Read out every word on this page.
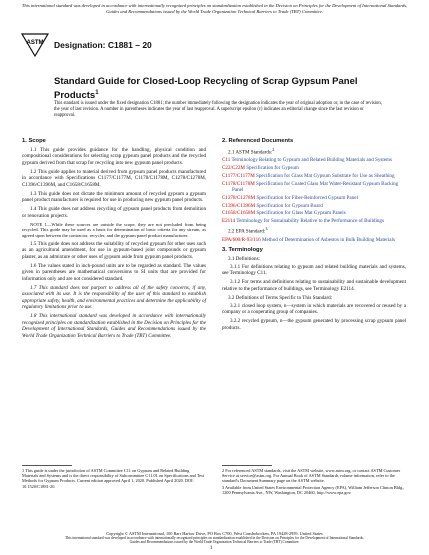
This international standard was developed in accordance with internationally recognized principles on standardization established in the Decision on Principles for the Development of International Standards, Guides and Recommendations issued by the World Trade Organization Technical Barriers to Trade (TBT) Committee.
ASTM Designation: C1881 – 20
Standard Guide for Closed-Loop Recycling of Scrap Gypsum Panel Products$^1$
This standard is issued under the fixed designation C1881; the number immediately following the designation indicates the year of original adoption or, in the case of revision, the year of last revision. A number in parentheses indicates the year of last reapproval. A superscript epsilon (ε) indicates an editorial change since the last revision or reapproval.
1. Scope

1.1 This guide provides guidance for the handling, physical condition and compositional considerations for selecting scrap gypsum panel products and the recycled gypsum derived from that scrap for recycling into new gypsum panel products.

1.2 This guide applies to material derived from gypsum panel products manufactured in accordance with Specifications C1177/C1177M, C1178/C1178M, C1278/C1278M, C1396/C1396M, and C1658/C1658M.

1.3 This guide does not dictate the minimum amount of recycled gypsum a gypsum panel product manufacturer is required for use in producing new gypsum panel products.

1.4 This guide does not address recycling of gypsum panel products from demolition or renovation projects.

NOTE 1—While these sources are outside the scope, they are not precluded from being recycled. This guide may be used as a basis for determination of basic criteria for any stream, as agreed upon between the contractor, recycler, and the gypsum panel product manufacturer.

1.5 This guide does not address the suitability of recycled gypsum for other uses such as an agricultural amendment, for use in gypsum-based joint compounds or gypsum plaster, as an admixture or other uses of gypsum aside from gypsum panel products.

1.6 The values stated in inch-pound units are to be regarded as standard. The values given in parentheses are mathematical conversions to SI units that are provided for information only and are not considered standard.

1.7 This standard does not purport to address all of the safety concerns, if any, associated with its use. It is the responsibility of the user of this standard to establish appropriate safety, health, and environmental practices and determine the applicability of regulatory limitations prior to use.

1.8 This international standard was developed in accordance with internationally recognized principles on standardization established in the Decision on Principles for the Development of International Standards, Guides and Recommendations issued by the World Trade Organization Technical Barriers to Trade (TBT) Committee.

2. Referenced Documents
2.1 ASTM Standards:$^2$
C11 Terminology Relating to Gypsum and Related Building Materials and Systems
C22/C22M Specification for Gypsum
C1177/C1177M Specification for Glass Mat Gypsum Substrate for Use as Sheathing
C1178/C1178M Specification for Coated Glass Mat Water-Resistant Gypsum Backing Panel
C1278/C1278M Specification for Fiber-Reinforced Gypsum Panel
C1396/C1396M Specification for Gypsum Board
C1658/C1658M Specification for Glass Mat Gypsum Panels
E2114 Terminology for Sustainability Relative to the Performance of Buildings
2.2 EPA Standard:$^3$
EPA/600/R-93/116 Method of Determination of Asbestos in Bulk Building Materials
3. Terminology
3.1 Definitions:

3.1.1 For definitions relating to gypsum and related building materials and systems, see Terminology C11.

3.1.2 For terms and definitions relating to sustainability and sustainable development relative to the performance of buildings, see Terminology E2114.

3.2 Definitions of Terms Specific to This Standard:

3.2.1 closed loop system, n—system in which materials are recovered or reused by a company or a cooperating group of companies.

3.2.2 recycled gypsum, n—the gypsum generated by processing scrap gypsum panel products.

1 This guide is under the jurisdiction of ASTM Committee C11 on Gypsum and Related Building Materials and Systems and is the direct responsibility of Subcommittee C11.01 on Specifications and Test Methods for Gypsum Products. Current edition approved April 1, 2020. Published April 2020. DOI: 10.1520/C1881-20.
2 For referenced ASTM standards, visit the ASTM website, www.astm.org, or contact ASTM Customer Service at service@astm.org. For Annual Book of ASTM Standards volume information, refer to the standard's Document Summary page on the ASTM website.
3 Available from United States Environmental Protection Agency (EPA), William Jefferson Clinton Bldg., 1200 Pennsylvania Ave., NW, Washington, DC 20460, http://www.epa.gov.
Copyright © ASTM International, 100 Barr Harbor Drive, PO Box C700, West Conshohocken, PA 19428-2959. United States
This international standard was developed in accordance with internationally recognized principles on standardization established in the Decision on Principles for the Development of International Standards, Guides and Recommendations issued by the World Trade Organization Technical Barriers to Trade (TBT) Committee.
1
